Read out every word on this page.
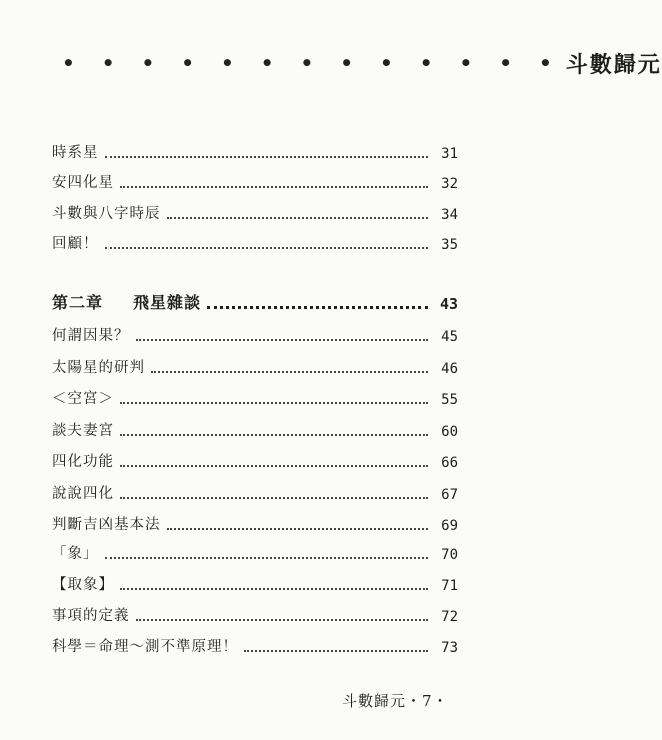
• • • • • • • • • • • • • 斗數歸元
時系星	31
安四化星	32
斗數與八字時辰	34
回顧！	35
第二章 飛星雜談	43
何謂因果？	45
太陽星的研判	46
＜空宮＞	55
談夫妻宮	60
四化功能	66
說說四化	67
判斷吉凶基本法	69
「象」	70
【取象】	71
事項的定義	72
科學＝命理～測不準原理！	73
斗數歸元・7・
